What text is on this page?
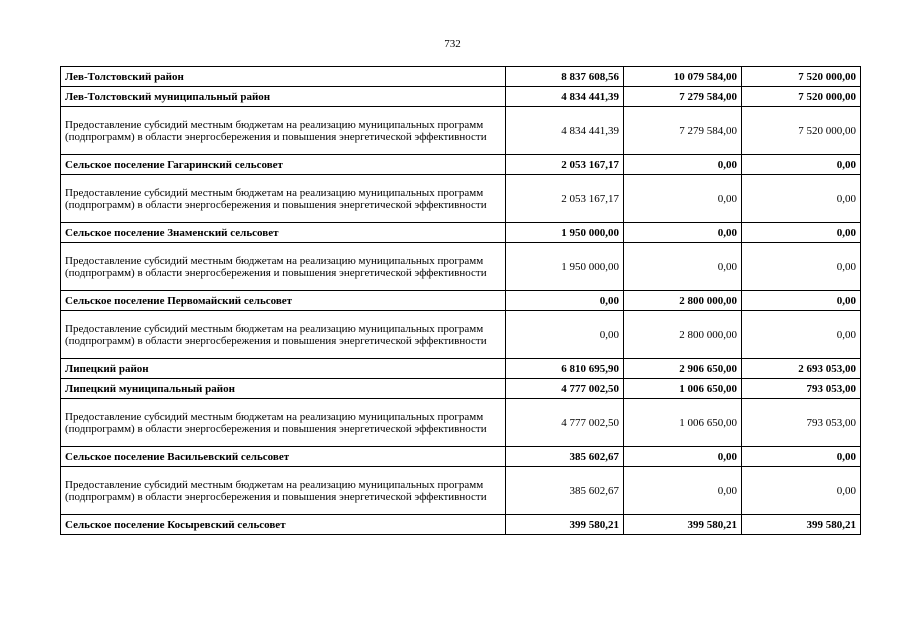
732
Лев-Толстовский район	8 837 608,56	10 079 584,00	7 520 000,00
Лев-Толстовский муниципальный район	4 834 441,39	7 279 584,00	7 520 000,00
Предоставление субсидий местным бюджетам на реализацию муниципальных программ (подпрограмм) в области энергосбережения и повышения энергетической эффективности	4 834 441,39	7 279 584,00	7 520 000,00
Сельское поселение Гагаринский сельсовет	2 053 167,17	0,00	0,00
Предоставление субсидий местным бюджетам на реализацию муниципальных программ (подпрограмм) в области энергосбережения и повышения энергетической эффективности	2 053 167,17	0,00	0,00
Сельское поселение Знаменский сельсовет	1 950 000,00	0,00	0,00
Предоставление субсидий местным бюджетам на реализацию муниципальных программ (подпрограмм) в области энергосбережения и повышения энергетической эффективности	1 950 000,00	0,00	0,00
Сельское поселение Первомайский сельсовет	0,00	2 800 000,00	0,00
Предоставление субсидий местным бюджетам на реализацию муниципальных программ (подпрограмм) в области энергосбережения и повышения энергетической эффективности	0,00	2 800 000,00	0,00
Липецкий район	6 810 695,90	2 906 650,00	2 693 053,00
Липецкий муниципальный район	4 777 002,50	1 006 650,00	793 053,00
Предоставление субсидий местным бюджетам на реализацию муниципальных программ (подпрограмм) в области энергосбережения и повышения энергетической эффективности	4 777 002,50	1 006 650,00	793 053,00
Сельское поселение Васильевский сельсовет	385 602,67	0,00	0,00
Предоставление субсидий местным бюджетам на реализацию муниципальных программ (подпрограмм) в области энергосбережения и повышения энергетической эффективности	385 602,67	0,00	0,00
Сельское поселение Косыревский сельсовет	399 580,21	399 580,21	399 580,21
